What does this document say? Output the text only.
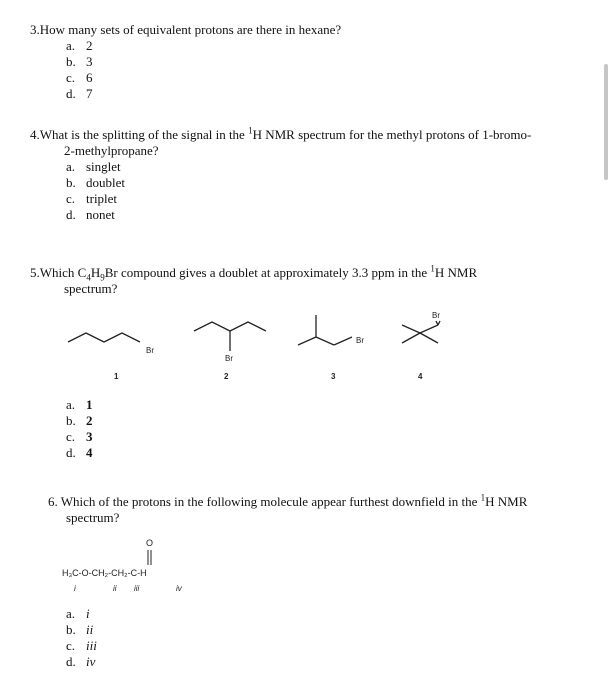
3.How many sets of equivalent protons are there in hexane?
a. 2
b. 3
c. 6
d. 7
4.What is the splitting of the signal in the $^1$H NMR spectrum for the methyl protons of 1-bromo-
2-methylpropane?
a. singlet
b. doublet
c. triplet
d. nonet
5.Which $C_4H_9Br$ compound gives a doublet at approximately 3.3 ppm in the $^1$H NMR
spectrum?
Br
1
Br
2
Br
3
Br
4
a. 1
b. 2
c. 3
d. 4
6. Which of the protons in the following molecule appear furthest downfield in the $^1$H NMR
spectrum?
O
H₃C-O-CH₂-CH₂-C-H
i	ii iii	iv
a. i
b. ii
c. iii
d. iv
